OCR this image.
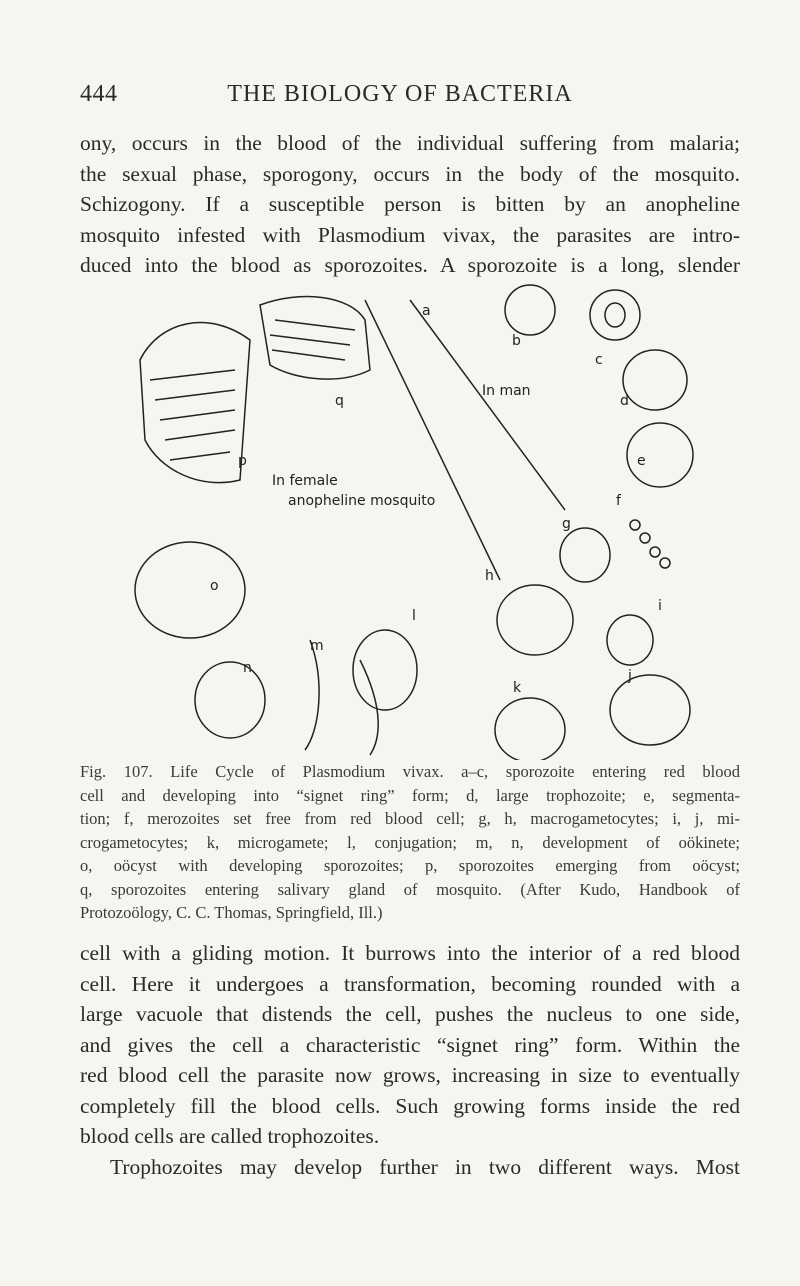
444	THE BIOLOGY OF BACTERIA
ony, occurs in the blood of the individual suffering from malaria;
the sexual phase, sporogony, occurs in the body of the mosquito.
Schizogony. If a susceptible person is bitten by an anopheline
mosquito infested with Plasmodium vivax, the parasites are intro-
duced into the blood as sporozoites. A sporozoite is a long, slender
In female
anopheline mosquito
In man
a
b
c
d
e
f
g
h
i
j
k
l
m
n
o
p
q
Fig. 107. Life Cycle of Plasmodium vivax. a–c, sporozoite entering red blood
cell and developing into “signet ring” form; d, large trophozoite; e, segmenta-
tion; f, merozoites set free from red blood cell; g, h, macrogametocytes; i, j, mi-
crogametocytes; k, microgamete; l, conjugation; m, n, development of oökinete;
o, oöcyst with developing sporozoites; p, sporozoites emerging from oöcyst;
q, sporozoites entering salivary gland of mosquito. (After Kudo, Handbook of
Protozoölogy, C. C. Thomas, Springfield, Ill.)
cell with a gliding motion. It burrows into the interior of a red blood
cell. Here it undergoes a transformation, becoming rounded with a
large vacuole that distends the cell, pushes the nucleus to one side,
and gives the cell a characteristic “signet ring” form. Within the
red blood cell the parasite now grows, increasing in size to eventually
completely fill the blood cells. Such growing forms inside the red
blood cells are called trophozoites.
Trophozoites may develop further in two different ways. Most
